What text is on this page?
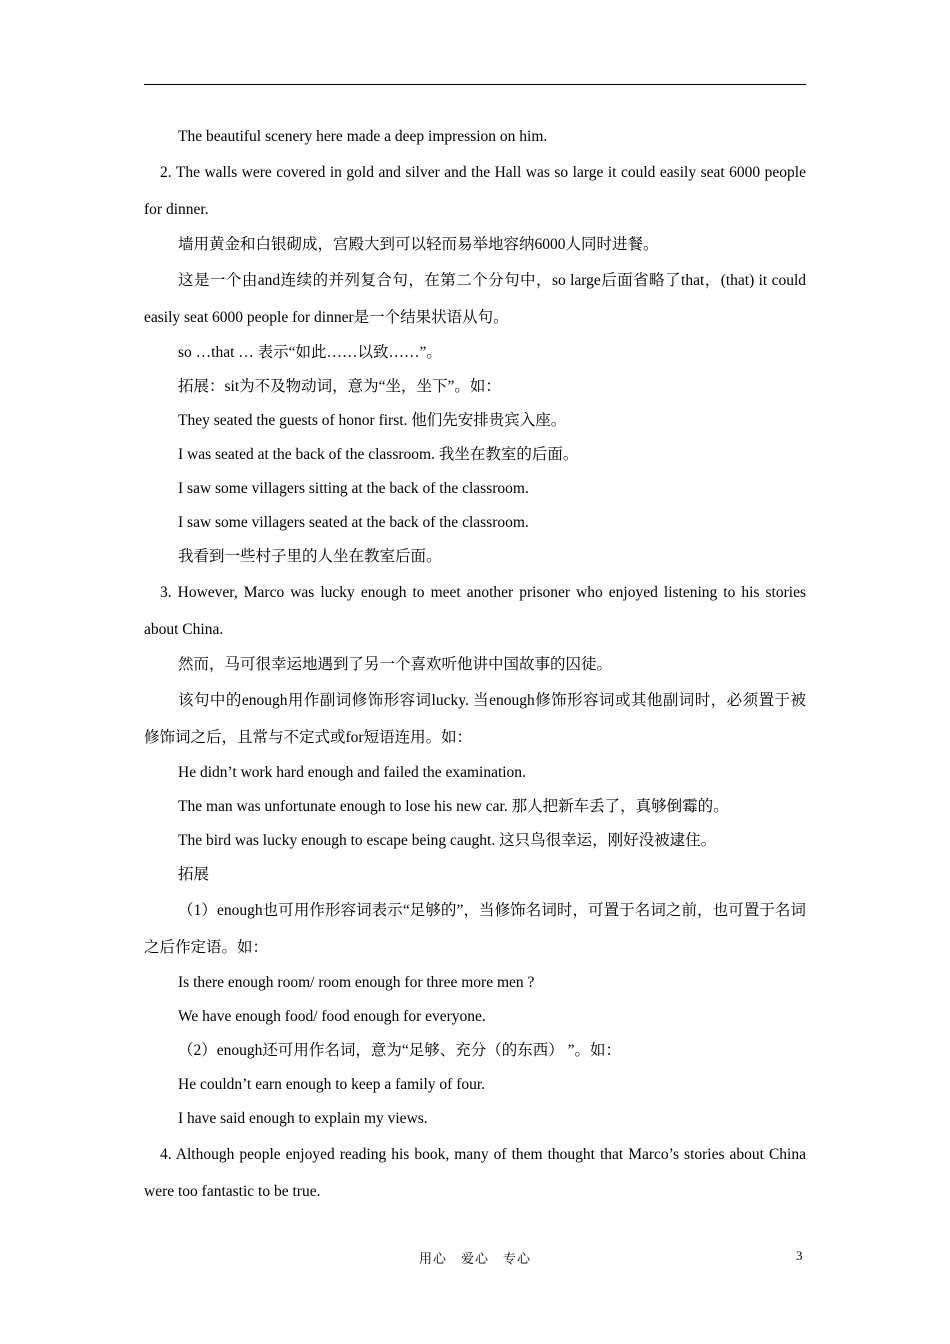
The beautiful scenery here made a deep impression on him.

2. The walls were covered in gold and silver and the Hall was so large it could easily seat 6000 people for dinner.

墙用黄金和白银砌成，宫殿大到可以轻而易举地容纳6000人同时进餐。

这是一个由and连续的并列复合句，在第二个分句中，so large后面省略了that，(that) it could easily seat 6000 people for dinner是一个结果状语从句。

so …that … 表示“如此……以致……”。

拓展：sit为不及物动词，意为“坐，坐下”。如：

They seated the guests of honor first. 他们先安排贵宾入座。

I was seated at the back of the classroom. 我坐在教室的后面。

I saw some villagers sitting at the back of the classroom.

I saw some villagers seated at the back of the classroom.

我看到一些村子里的人坐在教室后面。

3. However, Marco was lucky enough to meet another prisoner who enjoyed listening to his stories about China.

然而，马可很幸运地遇到了另一个喜欢听他讲中国故事的囚徒。

该句中的enough用作副词修饰形容词lucky. 当enough修饰形容词或其他副词时，必须置于被修饰词之后，且常与不定式或for短语连用。如：

He didn’t work hard enough and failed the examination.

The man was unfortunate enough to lose his new car. 那人把新车丢了，真够倒霉的。

The bird was lucky enough to escape being caught. 这只鸟很幸运，刚好没被逮住。

拓展

（1）enough也可用作形容词表示“足够的”，当修饰名词时，可置于名词之前，也可置于名词之后作定语。如：

Is there enough room/ room enough for three more men ?

We have enough food/ food enough for everyone.

（2）enough还可用作名词，意为“足够、充分（的东西） ”。如：

He couldn’t earn enough to keep a family of four.

I have said enough to explain my views.

4. Although people enjoyed reading his book, many of them thought that Marco’s stories about China were too fantastic to be true.

用心　爱心　专心	3
